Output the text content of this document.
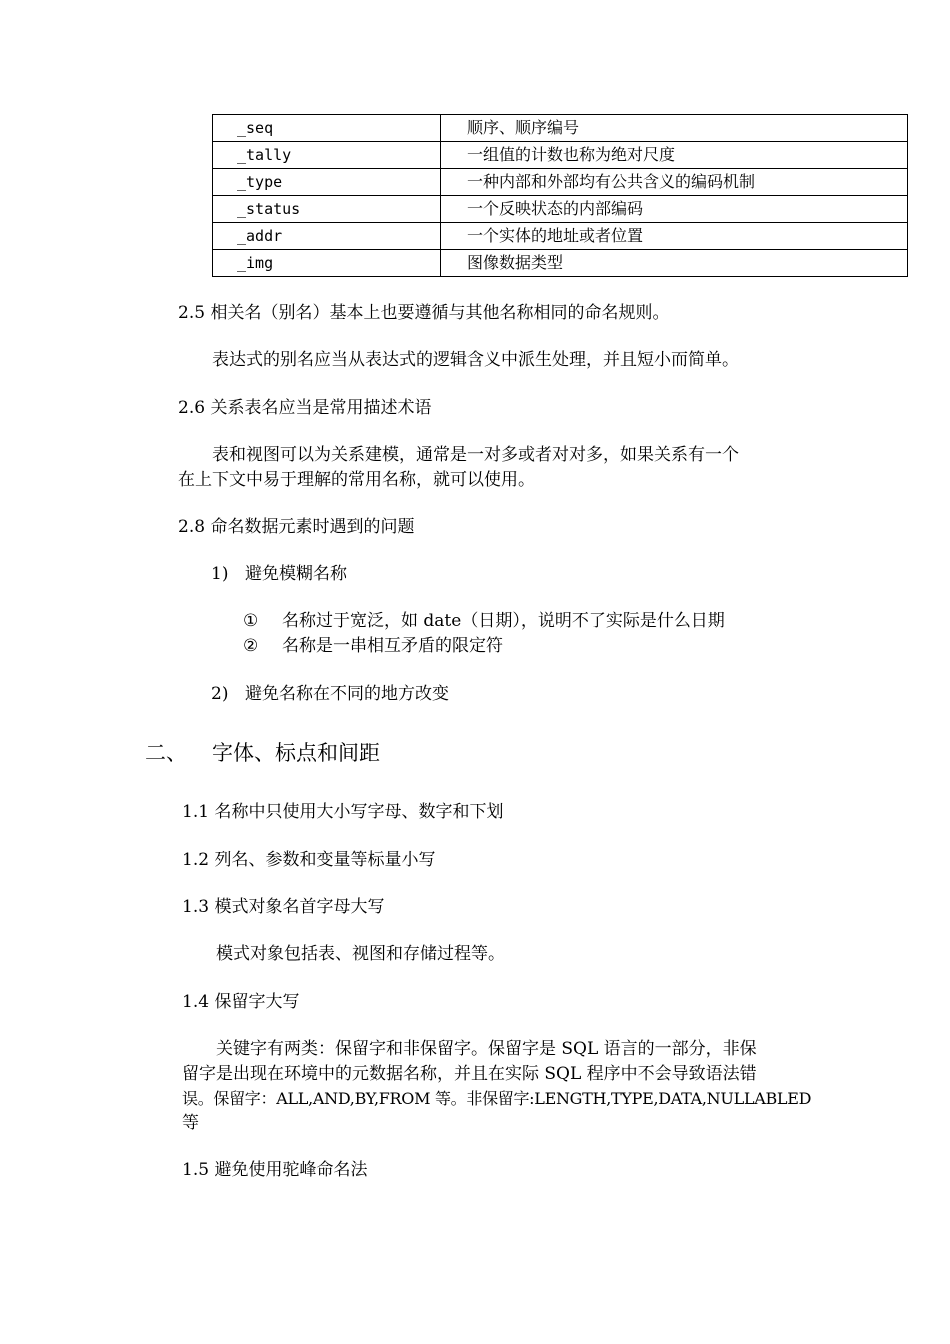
_seq	顺序、顺序编号
_tally	一组值的计数也称为绝对尺度
_type	一种内部和外部均有公共含义的编码机制
_status	一个反映状态的内部编码
_addr	一个实体的地址或者位置
_img	图像数据类型
2.5 相关名（别名）基本上也要遵循与其他名称相同的命名规则。
表达式的别名应当从表达式的逻辑含义中派生处理，并且短小而简单。
2.6 关系表名应当是常用描述术语
表和视图可以为关系建模，通常是一对多或者对对多，如果关系有一个
在上下文中易于理解的常用名称，就可以使用。
2.8 命名数据元素时遇到的问题
1) 避免模糊名称
① 名称过于宽泛，如 date（日期），说明不了实际是什么日期
② 名称是一串相互矛盾的限定符
2) 避免名称在不同的地方改变
二、 字体、标点和间距
1.1 名称中只使用大小写字母、数字和下划
1.2 列名、参数和变量等标量小写
1.3 模式对象名首字母大写
模式对象包括表、视图和存储过程等。
1.4 保留字大写
关键字有两类：保留字和非保留字。保留字是 SQL 语言的一部分，非保
留字是出现在环境中的元数据名称，并且在实际 SQL 程序中不会导致语法错
误。保留字：ALL,AND,BY,FROM 等。非保留字:LENGTH,TYPE,DATA,NULLABLED
等
1.5 避免使用驼峰命名法
